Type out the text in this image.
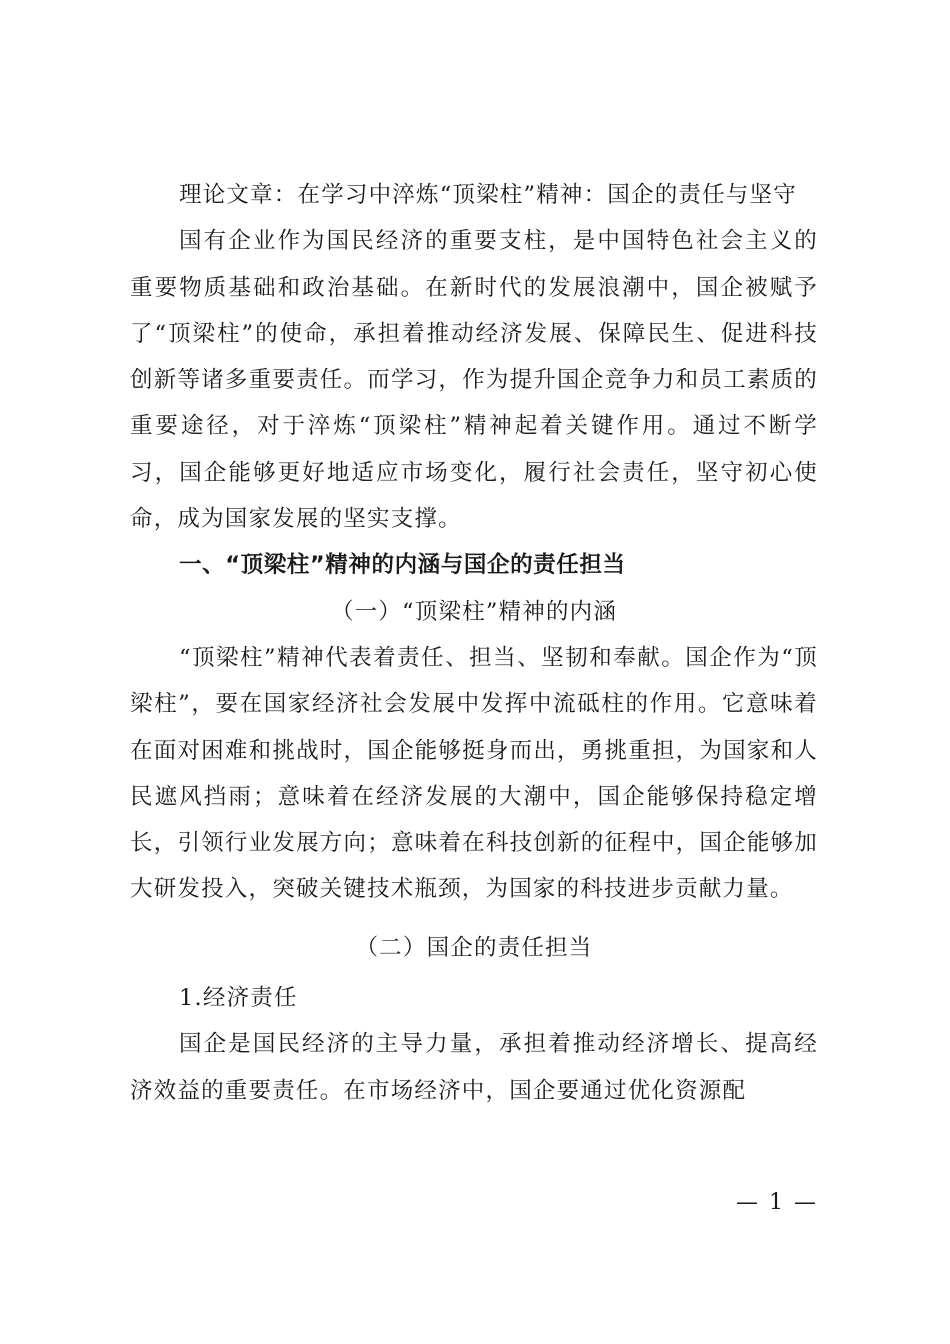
理论文章：在学习中淬炼“顶梁柱”精神：国企的责任与坚守

国有企业作为国民经济的重要支柱，是中国特色社会主义的重要物质基础和政治基础。在新时代的发展浪潮中，国企被赋予了“顶梁柱”的使命，承担着推动经济发展、保障民生、促进科技创新等诸多重要责任。而学习，作为提升国企竞争力和员工素质的重要途径，对于淬炼“顶梁柱”精神起着关键作用。通过不断学习，国企能够更好地适应市场变化，履行社会责任，坚守初心使命，成为国家发展的坚实支撑。

一、“顶梁柱”精神的内涵与国企的责任担当

（一）“顶梁柱”精神的内涵

“顶梁柱”精神代表着责任、担当、坚韧和奉献。国企作为“顶梁柱”，要在国家经济社会发展中发挥中流砥柱的作用。它意味着在面对困难和挑战时，国企能够挺身而出，勇挑重担，为国家和人民遮风挡雨；意味着在经济发展的大潮中，国企能够保持稳定增长，引领行业发展方向；意味着在科技创新的征程中，国企能够加大研发投入，突破关键技术瓶颈，为国家的科技进步贡献力量。

（二）国企的责任担当

1.经济责任

国企是国民经济的主导力量，承担着推动经济增长、提高经济效益的重要责任。在市场经济中，国企要通过优化资源配

— 1 —
